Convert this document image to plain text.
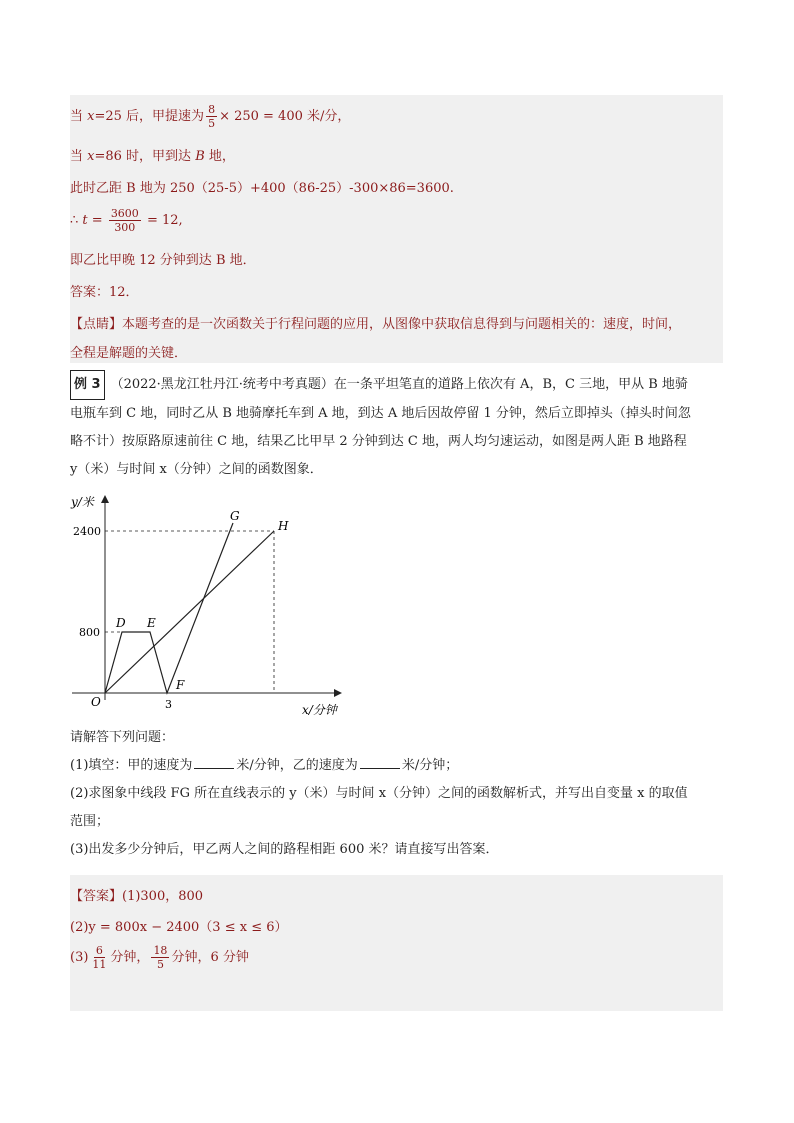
当 x=25 后，甲提速为 $\frac{8}{5} \times 250 = 400$ 米/分，
当 x=86 时，甲到达 B 地，
此时乙距 B 地为 250（25-5）+400（86-25）-300×86=3600.
∴ $t = \frac{3600}{300} = 12$,
即乙比甲晚 12 分钟到达 B 地．
答案：12．
【点睛】本题考查的是一次函数关于行程问题的应用，从图像中获取信息得到与问题相关的：速度，时间，
全程是解题的关键．
例 3 （2022·黑龙江牡丹江·统考中考真题）在一条平坦笔直的道路上依次有 A，B，C 三地，甲从 B 地骑
电瓶车到 C 地，同时乙从 B 地骑摩托车到 A 地，到达 A 地后因故停留 1 分钟，然后立即掉头（掉头时间忽
略不计）按原路原速前往 C 地，结果乙比甲早 2 分钟到达 C 地，两人均匀速运动，如图是两人距 B 地路程
y（米）与时间 x（分钟）之间的函数图象．
y/米
x/分钟
2400
800
3
O
D E
F
G
H
请解答下列问题：
(1)填空：甲的速度为	米/分钟，乙的速度为	米/分钟；
(2)求图象中线段 FG 所在直线表示的 y（米）与时间 x（分钟）之间的函数解析式，并写出自变量 x 的取值
范围；
(3)出发多少分钟后，甲乙两人之间的路程相距 600 米？请直接写出答案．
【答案】(1)300，800
(2)y = 800x − 2400（3 ≤ x ≤ 6）
$(3) \frac{6}{11}$ 分钟， $\frac{18}{5}$ 分钟，6 分钟
